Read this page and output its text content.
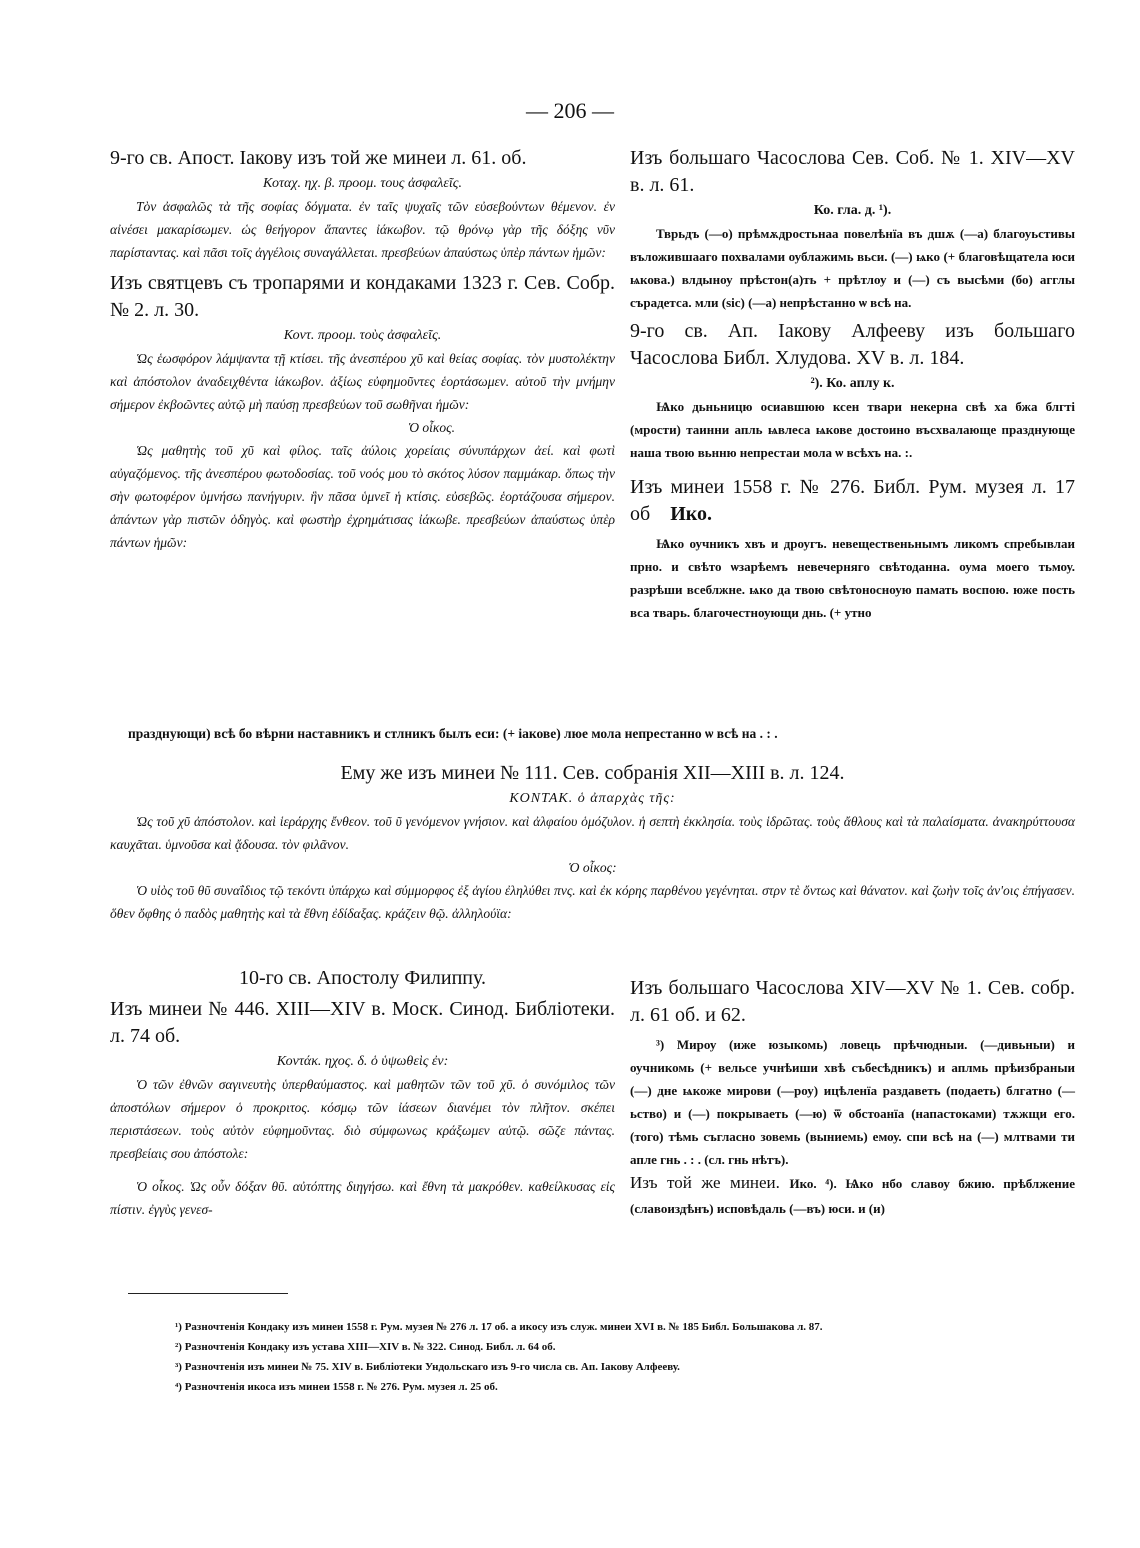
— 206 —

9-го св. Апост. Іакову изъ той же минеи л. 61. об.

Κοταχ. ηχ. β. προομ. τους ἀσφαλεῖς.

Τὸν ἀσφαλῶς τὰ τῆς σοφίας δόγματα. ἐν ταῖς ψυχαῖς τῶν εὐσεβούντων θέμενον. ἐν αἰνέσει μακαρίσωμεν. ὡς θεήγορον ἅπαντες ἰάκωβον. τῷ θρόνῳ γὰρ τῆς δόξης νῦν παρίσταντας. καὶ πᾶσι τοῖς ἀγγέλοις συναγάλλεται. πρεσβεύων ἀπαύστως ὑπὲρ πάντων ἡμῶν:

Изъ святцевъ съ тропарями и кондаками 1323 г. Сев. Собр. № 2. л. 30.

Κοντ. προομ. τοὺς ἀσφαλεῖς.

Ὡς ἑωσφόρον λάμψαντα τῇ κτίσει. τῆς ἀνεσπέρου χῦ καὶ θείας σοφίας. τὸν μυστολέκτην καὶ ἀπόστολον ἀναδειχθέντα ἰάκωβον. ἀξίως εὐφημοῦντες ἑορτάσωμεν. αὐτοῦ τὴν μνήμην σήμερον ἐκβοῶντες αὐτῷ μὴ παύσῃ πρεσβεύων τοῦ σωθῆναι ἡμῶν:

Ὁ οἶκος.

Ὡς μαθητὴς τοῦ χῦ καὶ φίλος. ταῖς ἀύλοις χορείαις σύνυπάρχων ἀεί. καὶ φωτὶ αὐγαζόμενος. τῆς ἀνεσπέρου φωτοδοσίας. τοῦ νοός μου τὸ σκότος λύσον παμμάκαρ. ὅπως τὴν σὴν φωτοφέρον ὑμνήσω πανήγυριν. ἣν πᾶσα ὑμνεῖ ἡ κτίσις. εὐσεβῶς. ἑορτάζουσα σήμερον. ἁπάντων γὰρ πιστῶν ὁδηγὸς. καὶ φωστὴρ ἐχρημάτισας ἰάκωβε. πρεσβεύων ἀπαύστως ὑπὲρ πάντων ἡμῶν:

Изъ большаго Часослова Сев. Соб. № 1. XIV—XV в. л. 61.

Ко. гла. д. ¹).

Тврьдъ (—о) прѣмѫдростьнаа повелѣнїа въ дшѫ (—а) благоуьстивы въложившааго похвалами оублажимь вьси. (—) ѩко (+ благовѣщатела юси ѩкова.) влдыноу прѣстон(а)ть + прѣтлоу и (—) съ высѣми (бо) агглы сърадетса. мли (sic) (—а) непрѣстанно ѡ всѣ на.

9-го св. Ап. Іакову Алфееву изъ большаго Часослова Библ. Хлудова. XV в. л. 184.

²). Ко. аплу к.

Ѩко дьньницю осиавшюю ксен твари некерна свѣ ха бжа блгті (мрости) таинни апль ѩвлеса ѩкове достоино въсхвалающе празднующе наша твою вьнню непрестаи мола ѡ всѣхъ на. :.

Изъ минеи 1558 г. № 276. Библ. Рум. музея л. 17 об Ико.

Ѩко оучникъ хвъ и дроугъ. невещественьнымъ ликомъ спребывлаи прно. и свѣто ѡзарѣемъ невечерняго свѣтоданна. оума моего тьмоу. разрѣши всеблжне. ѩко да твою свѣтоносноую памать воспою. юже пость вса тварь. благочестноующи днь. (+ утно

празднующи) всѣ бо вѣрни наставникъ и стлникъ былъ еси: (+ іакове) люе мола непрестанно ѡ всѣ на . : .

Ему же изъ минеи № 111. Сев. собранія XII—XIII в. л. 124.

KONTAK. ὁ ἀπαρχὰς τῆς:

Ὡς τοῦ χῦ ἀπόστολον. καὶ ἱεράρχης ἔνθεον. τοῦ ῦ γενόμενον γνήσιον. καὶ ἀλφαίου ὁμόζυλον. ἡ σεπτὴ ἐκκλησία. τοὺς ἱδρῶτας. τοὺς ἄθλους καὶ τὰ παλαίσματα. ἀνακηρύττουσα καυχᾶται. ὑμνοῦσα καὶ ᾄδουσα. τὸν φιλᾶνον.

Ὁ οἶκος:

Ὁ υἱὸς τοῦ θῦ συναΐδιος τῷ τεκόντι ὑπάρχω καὶ σύμμορφος ἐξ ἁγίου ἐληλύθει πνς. καὶ ἐκ κόρης παρθένου γεγένηται. στρν τὲ ὄντως καὶ θάνατον. καὶ ζωὴν τοῖς ἀν'οις ἐπήγασεν. ὅθεν ὄφθης ὁ παδὸς μαθητὴς καὶ τὰ ἔθνη ἐδίδαξας. κράζειν θῷ. ἀλληλούϊα:

10-го св. Апостолу Филиппу.

Изъ минеи № 446. XIII—XIV в. Моск. Синод. Библіотеки. л. 74 об.

Κοντάκ. ηχος. δ. ὁ ὑψωθεὶς ἐν:

Ὁ τῶν ἐθνῶν σαγινευτὴς ὑπερθαύμαστος. καὶ μαθητῶν τῶν τοῦ χῦ. ὁ συνόμιλος τῶν ἀποστόλων σήμερον ὁ προκριτος. κόσμῳ τῶν ἰάσεων διανέμει τὸν πλῆτον. σκέπει περιστάσεων. τοὺς αὐτὸν εὐφημοῦντας. διὸ σύμφωνως κράξωμεν αὐτῷ. σῶζε πάντας. πρεσβείαις σου ἀπόστολε:

Ὁ οἶκος. Ὡς οὖν δόξαν θῦ. αὐτόπτης διηγήσω. καὶ ἔθνη τὰ μακρόθεν. καθείλκυσας εἰς πίστιν. ἐγγὺς γενεσ-

Изъ большаго Часослова XIV—XV № 1. Сев. собр. л. 61 об. и 62.

³) Мироу (иже юзыкомь) ловець прѣчюдныи. (—дивьныи) и оучникомь (+ вельсе учнѣиши хвѣ събесѣдникъ) и аплмь прѣизбраныи (—) дне ѩкоже мирови (—роу) ицѣленїа раздаветь (подаеть) блгатно (—ьство) и (—) покрываеть (—ю) ѿ обстоанїа (напастоками) тѫжщи его. (того) тѣмь съгласно зовемь (выниемь) емоу. спи всѣ на (—) млтвами ти апле гнь . : . (сл. гнь нѣтъ).

Изъ той же минеи. Ико. ⁴). Ѩко нбо славоу бжию. прѣблжение (славоиздѣнъ) исповѣдаль (—въ) юси. и (и)

¹) Разночтенія Кондаку изъ минеи 1558 г. Рум. музея № 276 л. 17 об. а икосу изъ служ. минеи XVI в. № 185 Библ. Большакова л. 87.

²) Разночтенія Кондаку изъ устава XIII—XIV в. № 322. Синод. Библ. л. 64 об.

³) Разночтенія изъ минеи № 75. XIV в. Библіотеки Ундольскаго изъ 9-го числа св. Ап. Іакову Алфееву.

⁴) Разночтенія икоса изъ минеи 1558 г. № 276. Рум. музея л. 25 об.
